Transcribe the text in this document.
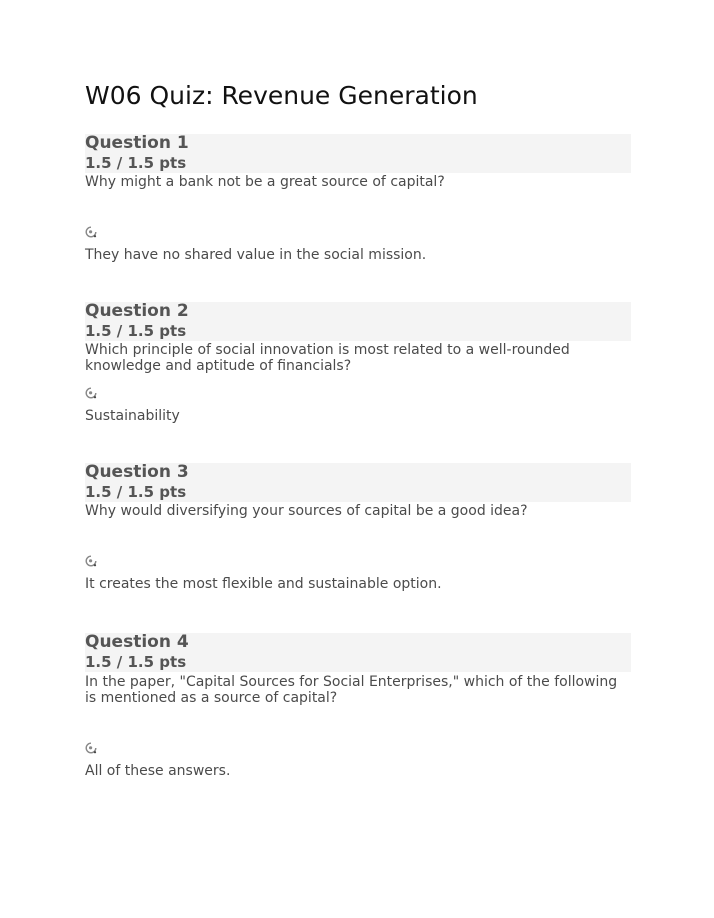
W06 Quiz: Revenue Generation
Question 1
1.5 / 1.5 pts
Why might a bank not be a great source of capital?
They have no shared value in the social mission.
Question 2
1.5 / 1.5 pts
Which principle of social innovation is most related to a well-rounded knowledge and aptitude of financials?
Sustainability
Question 3
1.5 / 1.5 pts
Why would diversifying your sources of capital be a good idea?
It creates the most flexible and sustainable option.
Question 4
1.5 / 1.5 pts
In the paper, "Capital Sources for Social Enterprises," which of the following is mentioned as a source of capital?
All of these answers.
